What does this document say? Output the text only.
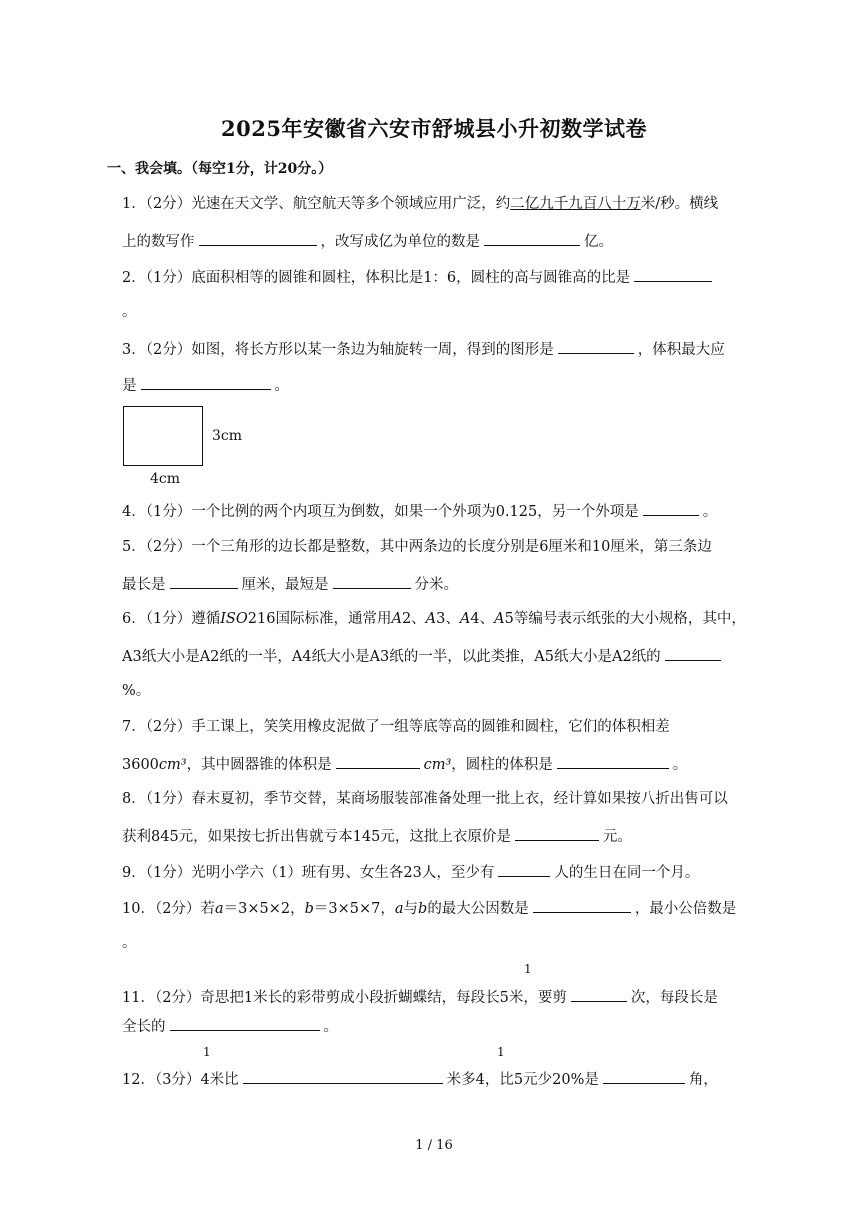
2025年安徽省六安市舒城县小升初数学试卷
一、我会填。（每空1分，计20分。）
1．（2分）光速在天文学、航空航天等多个领域应用广泛，约二亿九千九百八十万米/秒。横线
上的数写作	，改写成亿为单位的数是	亿。
2．（1分）底面积相等的圆锥和圆柱，体积比是1：6，圆柱的高与圆锥高的比是
。
3．（2分）如图，将长方形以某一条边为轴旋转一周，得到的图形是	，体积最大应
是	。
3cm
4cm
4．（1分）一个比例的两个内项互为倒数，如果一个外项为0.125，另一个外项是	。
5．（2分）一个三角形的边长都是整数，其中两条边的长度分别是6厘米和10厘米，第三条边
最长是	厘米，最短是	分米。
6．（1分）遵循ISO216国际标准，通常用A2、A3、A4、A5等编号表示纸张的大小规格，其中，
A3纸大小是A2纸的一半，A4纸大小是A3纸的一半，以此类推，A5纸大小是A2纸的
%。
7．（2分）手工课上，笑笑用橡皮泥做了一组等底等高的圆锥和圆柱，它们的体积相差
3600cm³，其中圆器锥的体积是	cm³，圆柱的体积是	。
8．（1分）春末夏初，季节交替，某商场服装部准备处理一批上衣，经计算如果按八折出售可以
获利845元，如果按七折出售就亏本145元，这批上衣原价是	元。
9．（1分）光明小学六（1）班有男、女生各23人，至少有	人的生日在同一个月。
10．（2分）若a＝3×5×2，b＝3×5×7，a与b的最大公因数是	，最小公倍数是
。
1
11．（2分）奇思把1米长的彩带剪成小段折蝴蝶结，每段长5米，要剪	次，每段长是
全长的	。
1	1
12．（3分）4米比	米多4，比5元少20%是	角，
1 / 16
